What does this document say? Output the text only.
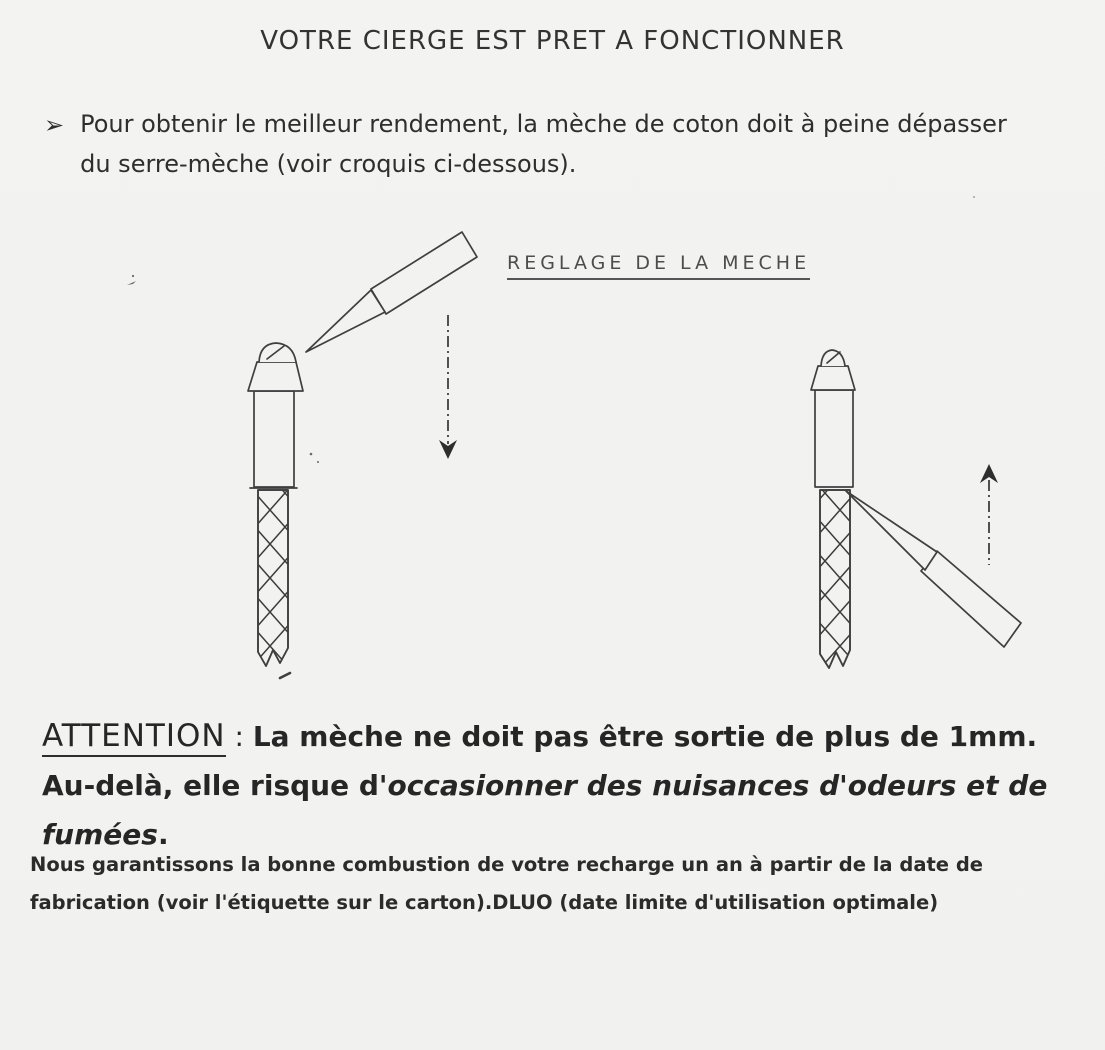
VOTRE CIERGE EST PRET A FONCTIONNER
➢ Pour obtenir le meilleur rendement, la mèche de coton doit à peine dépasser
du serre-mèche (voir croquis ci-dessous).
REGLAGE DE LA MECHE
ATTENTION : La mèche ne doit pas être sortie de plus de 1mm.
Au-delà, elle risque d'occasionner des nuisances d'odeurs et de
fumées.
Nous garantissons la bonne combustion de votre recharge un an à partir de la date de
fabrication (voir l'étiquette sur le carton).DLUO (date limite d'utilisation optimale)
